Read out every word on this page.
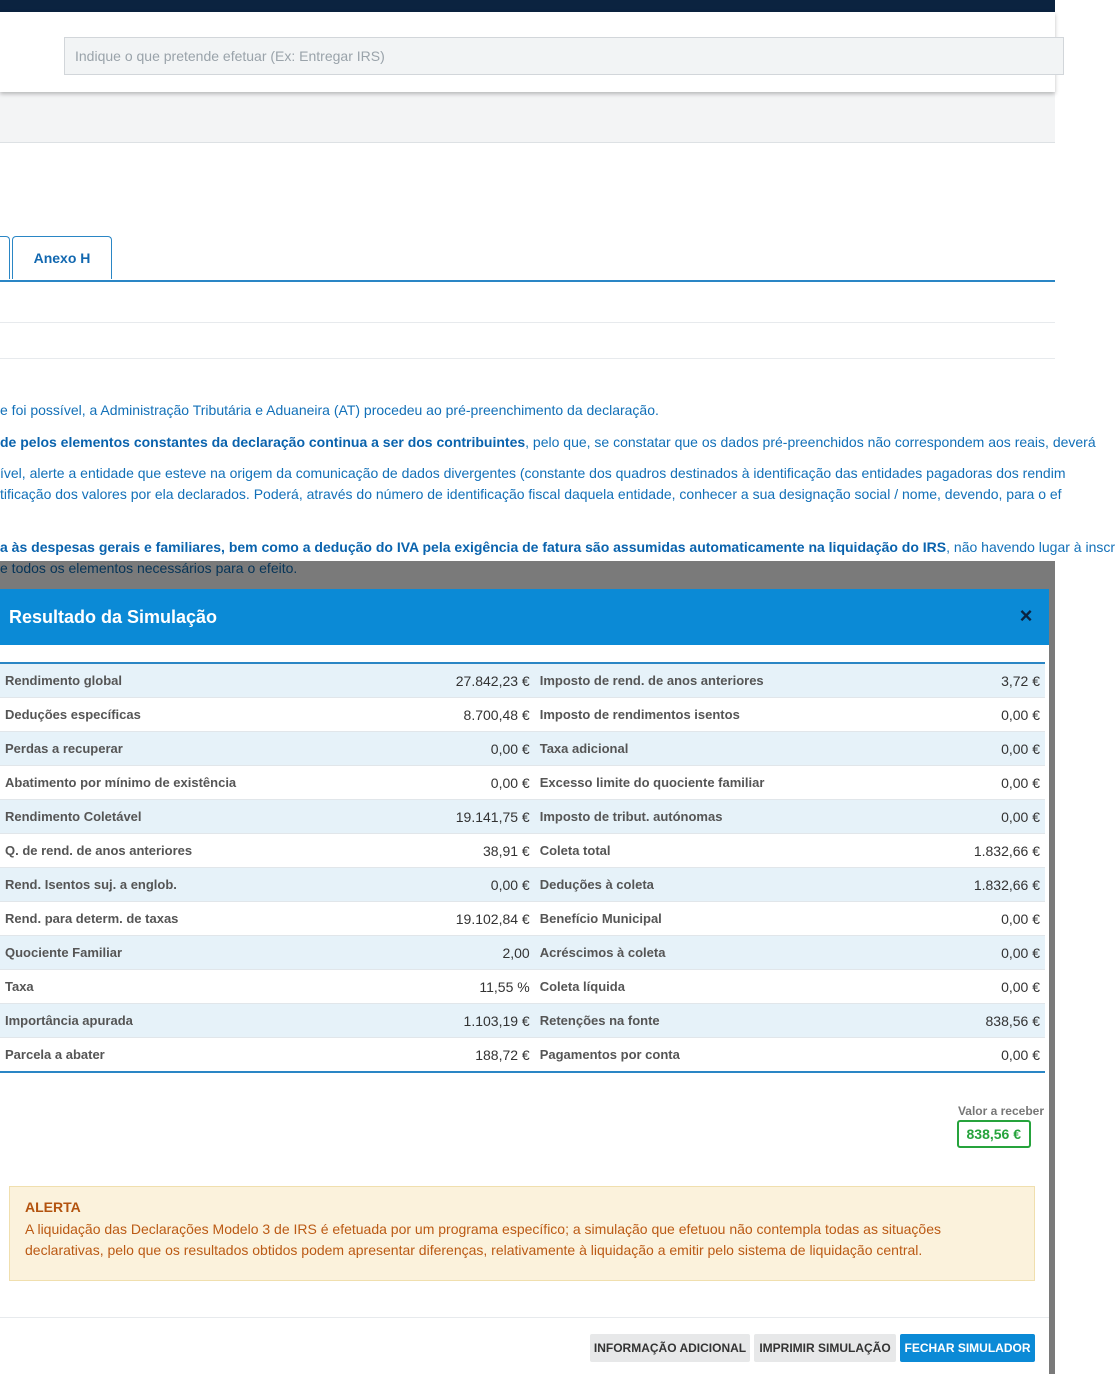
Indique o que pretende efetuar (Ex: Entregar IRS)
Anexo H

e foi possível, a Administração Tributária e Aduaneira (AT) procedeu ao pré-preenchimento da declaração.

de pelos elementos constantes da declaração continua a ser dos contribuintes, pelo que, se constatar que os dados pré-preenchidos não correspondem aos reais, deverá

ível, alerte a entidade que esteve na origem da comunicação de dados divergentes (constante dos quadros destinados à identificação das entidades pagadoras dos rendim

tificação dos valores por ela declarados. Poderá, através do número de identificação fiscal daquela entidade, conhecer a sua designação social / nome, devendo, para o ef

a às despesas gerais e familiares, bem como a dedução do IVA pela exigência de fatura são assumidas automaticamente na liquidação do IRS, não havendo lugar à inscr

Resultado da Simulação	×
Rendimento global	27.842,23 €	Imposto de rend. de anos anteriores	3,72 €
Deduções específicas	8.700,48 €	Imposto de rendimentos isentos	0,00 €
Perdas a recuperar	0,00 €	Taxa adicional	0,00 €
Abatimento por mínimo de existência	0,00 €	Excesso limite do quociente familiar	0,00 €
Rendimento Coletável	19.141,75 €	Imposto de tribut. autónomas	0,00 €
Q. de rend. de anos anteriores	38,91 €	Coleta total	1.832,66 €
Rend. Isentos suj. a englob.	0,00 €	Deduções à coleta	1.832,66 €
Rend. para determ. de taxas	19.102,84 €	Benefício Municipal	0,00 €
Quociente Familiar	2,00	Acréscimos à coleta	0,00 €
Taxa	11,55 %	Coleta líquida	0,00 €
Importância apurada	1.103,19 €	Retenções na fonte	838,56 €
Parcela a abater	188,72 €	Pagamentos por conta	0,00 €

Valor a receber

838,56 €

ALERTA

A liquidação das Declarações Modelo 3 de IRS é efetuada por um programa específico; a simulação que efetuou não contempla todas as situações declarativas, pelo que os resultados obtidos podem apresentar diferenças, relativamente à liquidação a emitir pelo sistema de liquidação central.

INFORMAÇÃO ADICIONAL	IMPRIMIR SIMULAÇÃO	FECHAR SIMULADOR
